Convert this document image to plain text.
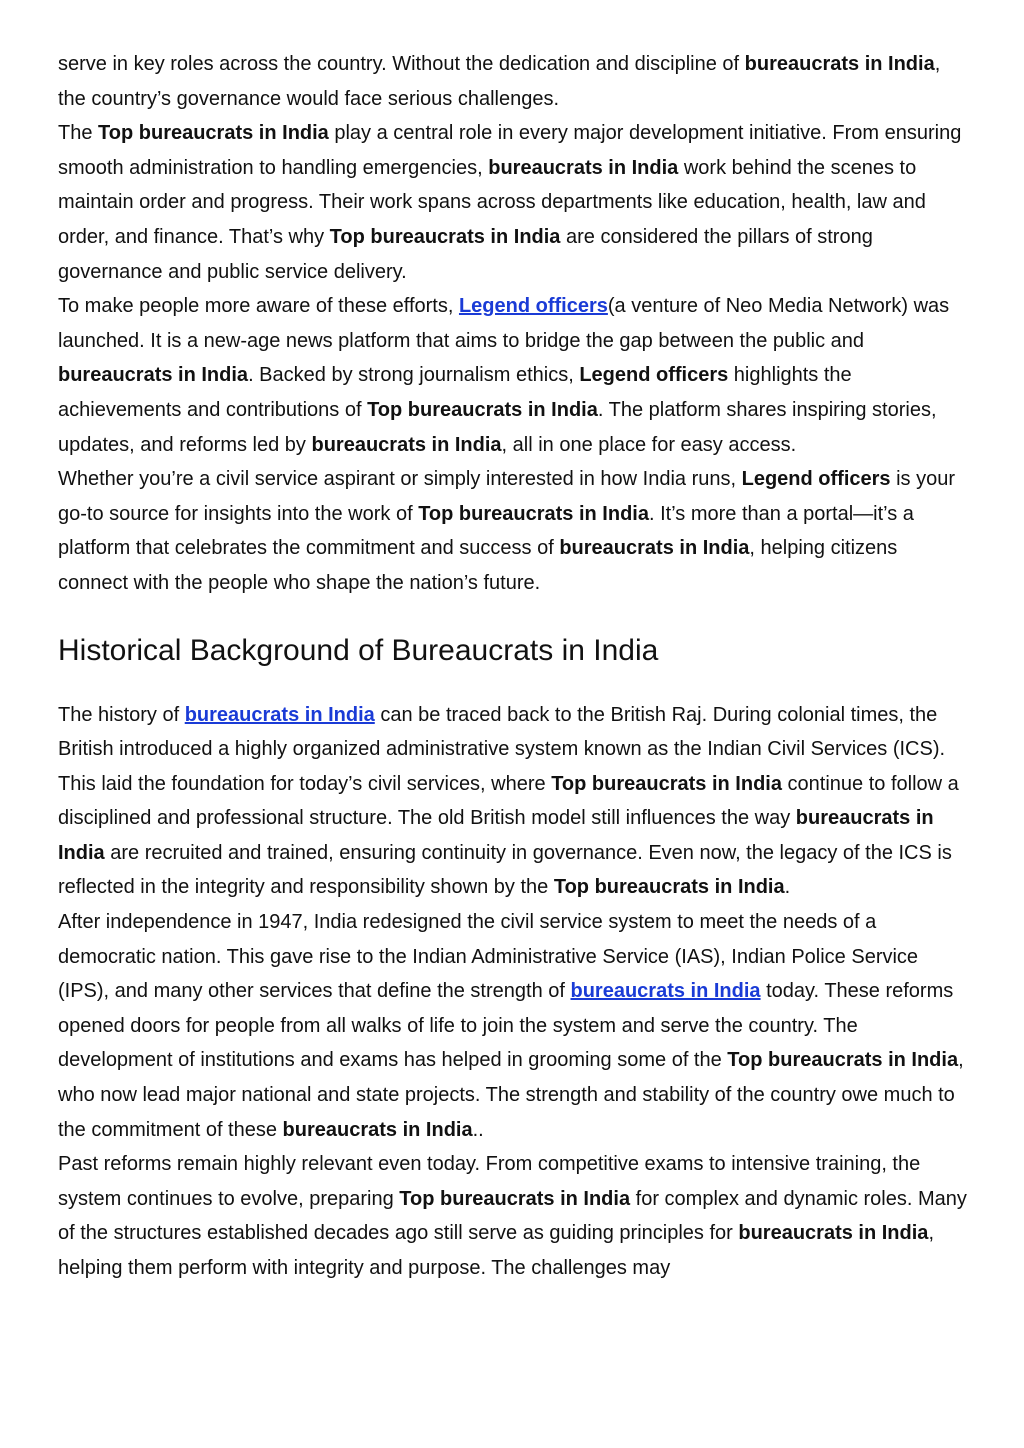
serve in key roles across the country. Without the dedication and discipline of bureaucrats in India, the country’s governance would face serious challenges.

The Top bureaucrats in India play a central role in every major development initiative. From ensuring smooth administration to handling emergencies, bureaucrats in India work behind the scenes to maintain order and progress. Their work spans across departments like education, health, law and order, and finance. That’s why Top bureaucrats in India are considered the pillars of strong governance and public service delivery.

To make people more aware of these efforts, Legend officers(a venture of Neo Media Network) was launched. It is a new-age news platform that aims to bridge the gap between the public and bureaucrats in India. Backed by strong journalism ethics, Legend officers highlights the achievements and contributions of Top bureaucrats in India. The platform shares inspiring stories, updates, and reforms led by bureaucrats in India, all in one place for easy access.

Whether you’re a civil service aspirant or simply interested in how India runs, Legend officers is your go-to source for insights into the work of Top bureaucrats in India. It’s more than a portal—it’s a platform that celebrates the commitment and success of bureaucrats in India, helping citizens connect with the people who shape the nation’s future.

Historical Background of Bureaucrats in India

The history of bureaucrats in India can be traced back to the British Raj. During colonial times, the British introduced a highly organized administrative system known as the Indian Civil Services (ICS). This laid the foundation for today’s civil services, where Top bureaucrats in India continue to follow a disciplined and professional structure. The old British model still influences the way bureaucrats in India are recruited and trained, ensuring continuity in governance. Even now, the legacy of the ICS is reflected in the integrity and responsibility shown by the Top bureaucrats in India.

After independence in 1947, India redesigned the civil service system to meet the needs of a democratic nation. This gave rise to the Indian Administrative Service (IAS), Indian Police Service (IPS), and many other services that define the strength of bureaucrats in India today. These reforms opened doors for people from all walks of life to join the system and serve the country. The development of institutions and exams has helped in grooming some of the Top bureaucrats in India, who now lead major national and state projects. The strength and stability of the country owe much to the commitment of these bureaucrats in India..

Past reforms remain highly relevant even today. From competitive exams to intensive training, the system continues to evolve, preparing Top bureaucrats in India for complex and dynamic roles. Many of the structures established decades ago still serve as guiding principles for bureaucrats in India, helping them perform with integrity and purpose. The challenges may
